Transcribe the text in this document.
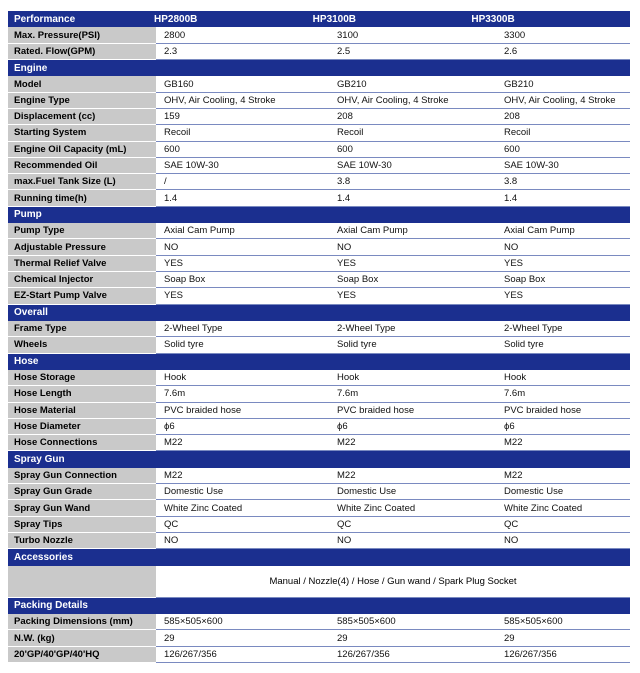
Performance	HP2800B	HP3100B	HP3300B
Max. Pressure(PSI)	2800	3100	3300
Rated. Flow(GPM)	2.3	2.5	2.6
Engine
Model	GB160	GB210	GB210
Engine Type	OHV, Air Cooling, 4 Stroke	OHV, Air Cooling, 4 Stroke	OHV, Air Cooling, 4 Stroke
Displacement (cc)	159	208	208
Starting System	Recoil	Recoil	Recoil
Engine Oil Capacity (mL)	600	600	600
Recommended Oil	SAE 10W-30	SAE 10W-30	SAE 10W-30
max.Fuel Tank Size (L)	/	3.8	3.8
Running time(h)	1.4	1.4	1.4
Pump
Pump Type	Axial Cam Pump	Axial Cam Pump	Axial Cam Pump
Adjustable Pressure	NO	NO	NO
Thermal Relief Valve	YES	YES	YES
Chemical Injector	Soap Box	Soap Box	Soap Box
EZ-Start Pump Valve	YES	YES	YES
Overall
Frame Type	2-Wheel Type	2-Wheel Type	2-Wheel Type
Wheels	Solid tyre	Solid tyre	Solid tyre
Hose
Hose Storage	Hook	Hook	Hook
Hose Length	7.6m	7.6m	7.6m
Hose Material	PVC braided hose	PVC braided hose	PVC braided hose
Hose Diameter	ϕ6	ϕ6	ϕ6
Hose Connections	M22	M22	M22
Spray Gun
Spray Gun Connection	M22	M22	M22
Spray Gun Grade	Domestic Use	Domestic Use	Domestic Use
Spray Gun Wand	White Zinc Coated	White Zinc Coated	White Zinc Coated
Spray Tips	QC	QC	QC
Turbo Nozzle	NO	NO	NO
Accessories
Manual / Nozzle(4) / Hose / Gun wand / Spark Plug Socket
Packing Details
Packing Dimensions (mm)	585×505×600	585×505×600	585×505×600
N.W. (kg)	29	29	29
20'GP/40'GP/40'HQ	126/267/356	126/267/356	126/267/356
